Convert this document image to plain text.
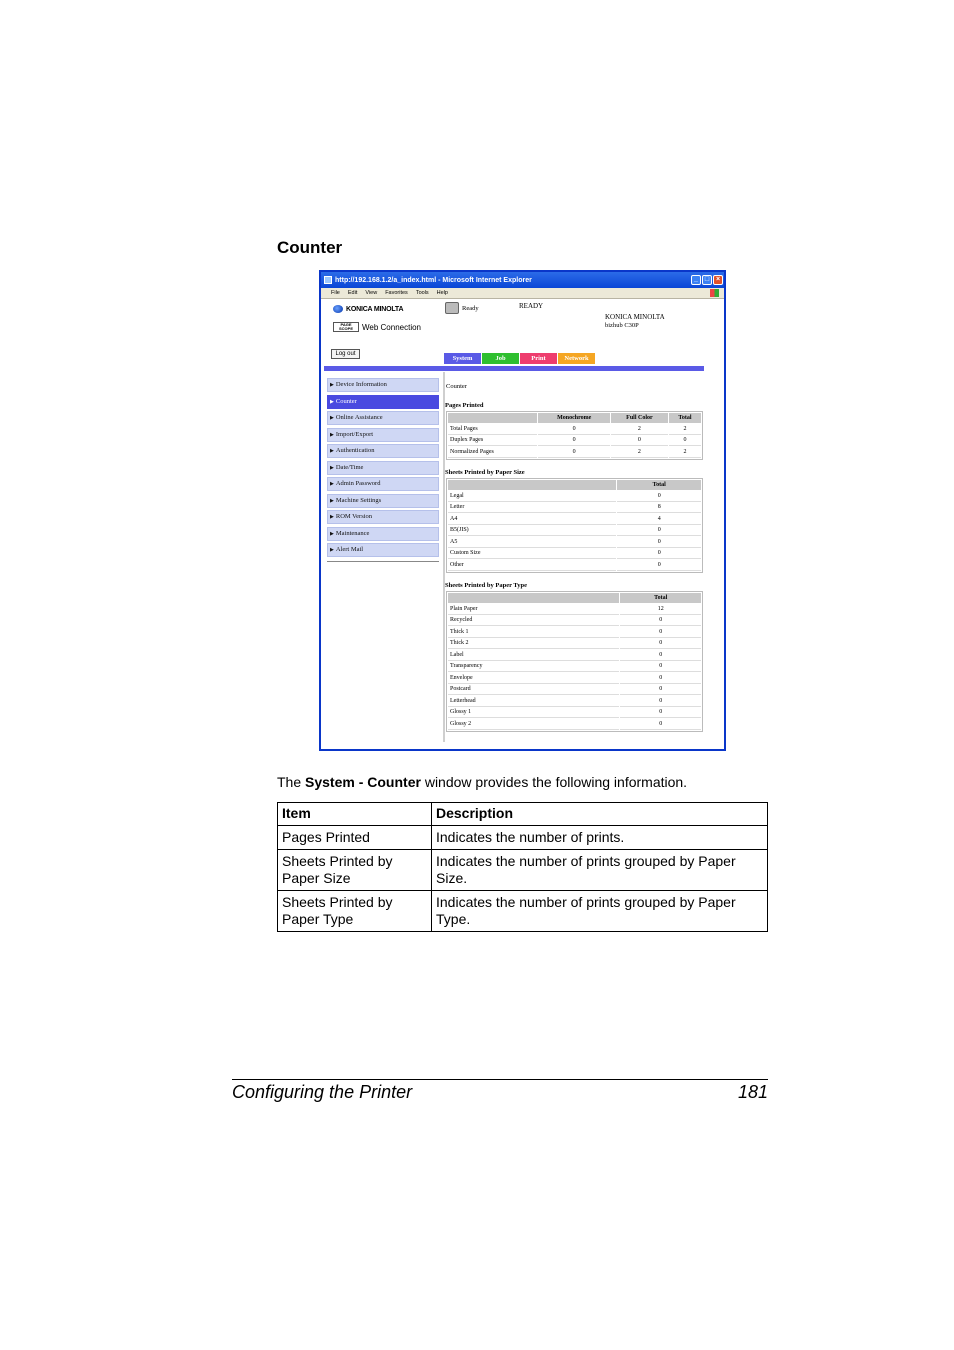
Counter
http://192.168.1.2/a_index.html - Microsoft Internet Explorer	_ □ ×
File Edit View Favorites Tools Help
KONICA MINOLTA
PAGE SCOPE	Web Connection
Ready	READY
KONICA MINOLTA
bizhub C30P
Log out
System	Job	Print	Network
▶ Device Information
▶ Counter
▶ Online Assistance
▶ Import/Export
▶ Authentication
▶ Date/Time
▶ Admin Password
▶ Machine Settings
▶ ROM Version
▶ Maintenance
▶ Alert Mail
Counter
Pages Printed
	Monochrome	Full Color	Total
Total Pages	0	2	2
Duplex Pages	0	0	0
Normalized Pages	0	2	2
Sheets Printed by Paper Size
	Total
Legal	0
Letter	8
A4	4
B5(JIS)	0
A5	0
Custom Size	0
Other	0
Sheets Printed by Paper Type
	Total
Plain Paper	12
Recycled	0
Thick 1	0
Thick 2	0
Label	0
Transparency	0
Envelope	0
Postcard	0
Letterhead	0
Glossy 1	0
Glossy 2	0
The System - Counter window provides the following information.
Item	Description
Pages Printed	Indicates the number of prints.
Sheets Printed by Paper Size	Indicates the number of prints grouped by Paper Size.
Sheets Printed by Paper Type	Indicates the number of prints grouped by Paper Type.
Configuring the Printer	181
